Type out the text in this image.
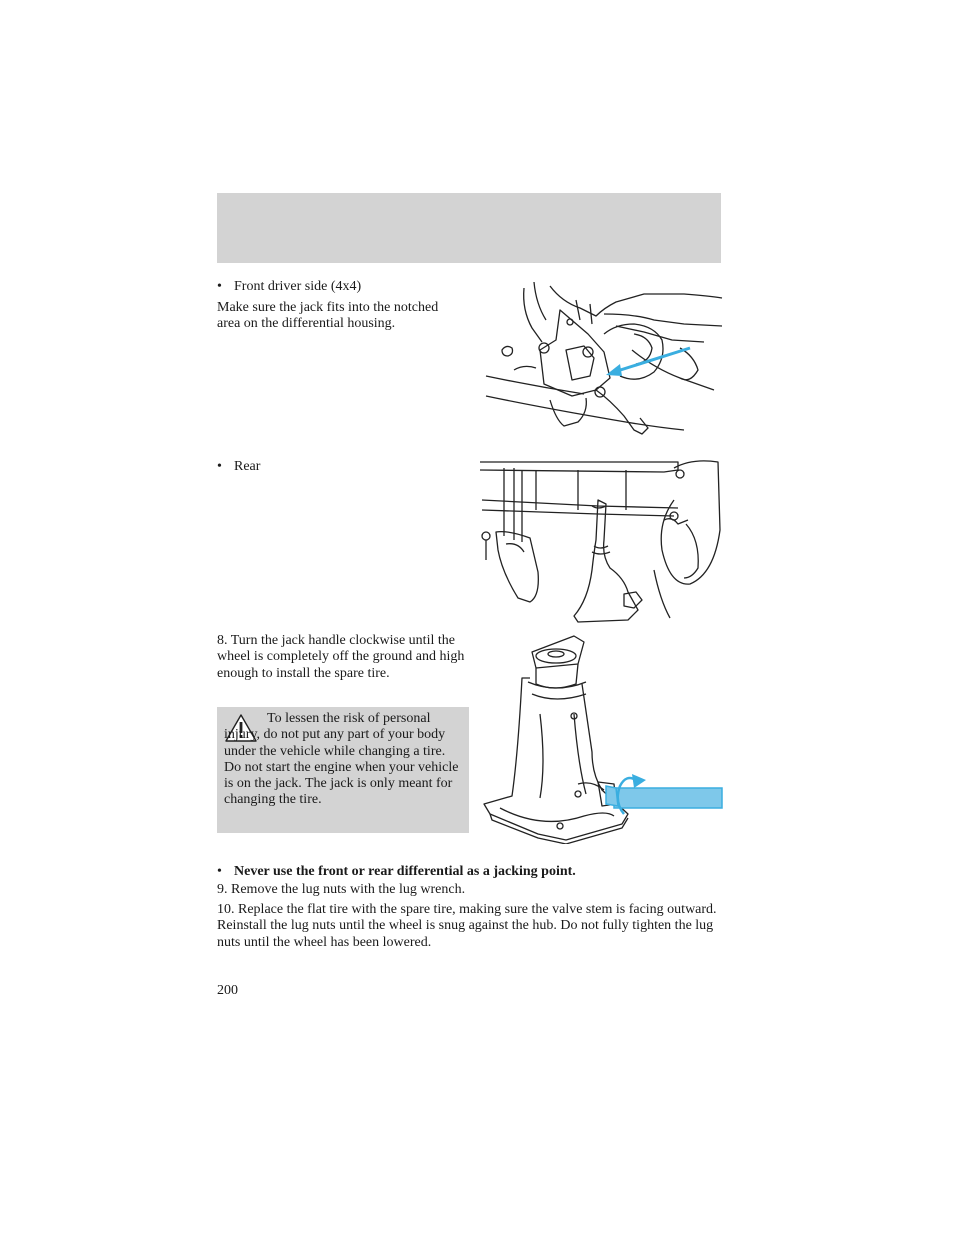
• Front driver side (4x4)
Make sure the jack fits into the notched area on the differential housing.
• Rear
8. Turn the jack handle clockwise until the wheel is completely off the ground and high enough to install the spare tire.
To lessen the risk of personal injury, do not put any part of your body under the vehicle while changing a tire. Do not start the engine when your vehicle is on the jack. The jack is only meant for changing the tire.
• Never use the front or rear differential as a jacking point.
9. Remove the lug nuts with the lug wrench.
10. Replace the flat tire with the spare tire, making sure the valve stem is facing outward. Reinstall the lug nuts until the wheel is snug against the hub. Do not fully tighten the lug nuts until the wheel has been lowered.
200
